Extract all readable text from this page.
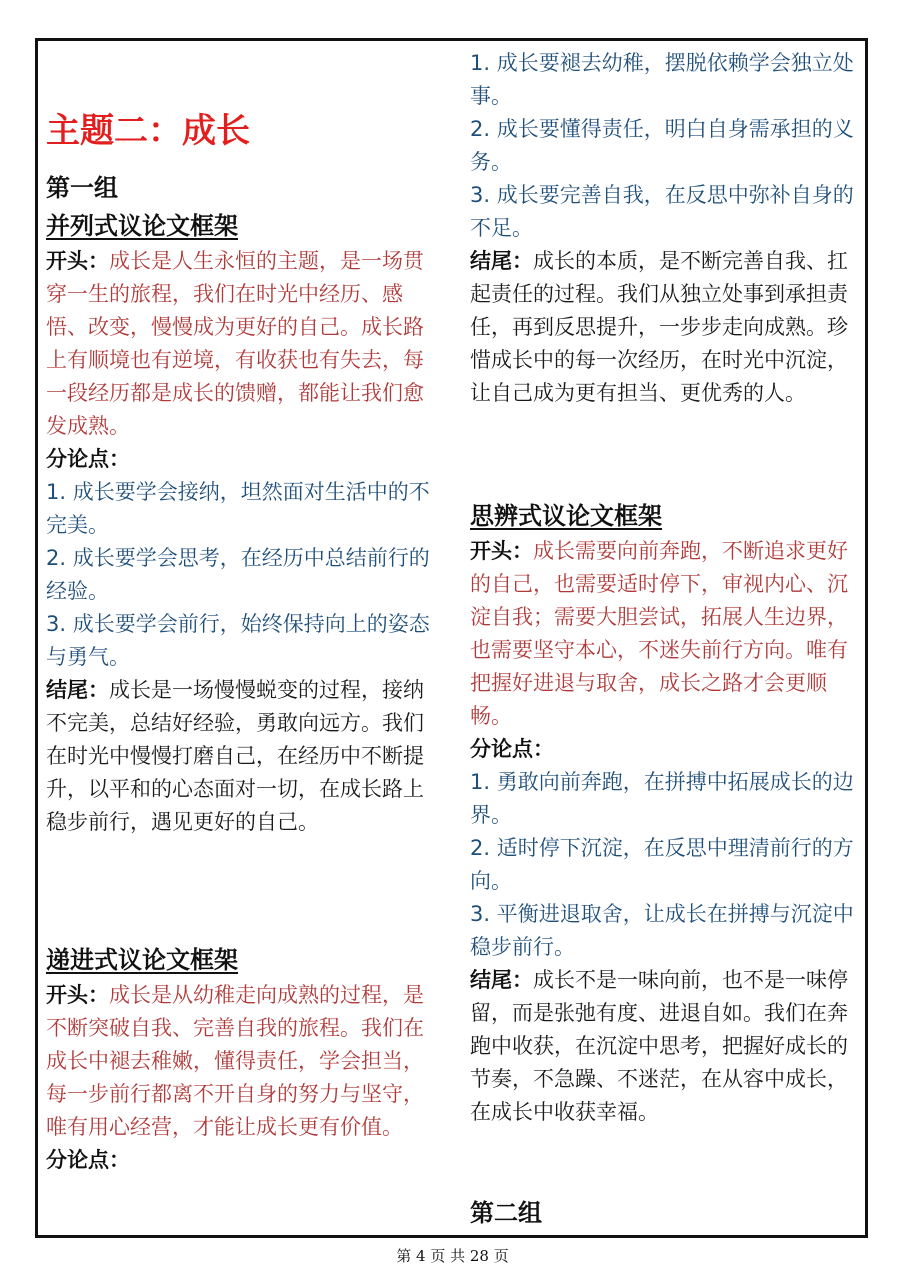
主题二：成长
第一组
并列式议论文框架

开头：成长是人生永恒的主题，是一场贯穿一生的旅程，我们在时光中经历、感悟、改变，慢慢成为更好的自己。成长路上有顺境也有逆境，有收获也有失去，每一段经历都是成长的馈赠，都能让我们愈发成熟。

分论点：

1. 成长要学会接纳，坦然面对生活中的不完美。
2. 成长要学会思考，在经历中总结前行的经验。
3. 成长要学会前行，始终保持向上的姿态与勇气。

结尾：成长是一场慢慢蜕变的过程，接纳不完美，总结好经验，勇敢向远方。我们在时光中慢慢打磨自己，在经历中不断提升，以平和的心态面对一切，在成长路上稳步前行，遇见更好的自己。

递进式议论文框架

开头：成长是从幼稚走向成熟的过程，是不断突破自我、完善自我的旅程。我们在成长中褪去稚嫩，懂得责任，学会担当，每一步前行都离不开自身的努力与坚守，唯有用心经营，才能让成长更有价值。

分论点：

1. 成长要褪去幼稚，摆脱依赖学会独立处事。
2. 成长要懂得责任，明白自身需承担的义务。
3. 成长要完善自我，在反思中弥补自身的不足。

结尾：成长的本质，是不断完善自我、扛起责任的过程。我们从独立处事到承担责任，再到反思提升，一步步走向成熟。珍惜成长中的每一次经历，在时光中沉淀，让自己成为更有担当、更优秀的人。

思辨式议论文框架

开头：成长需要向前奔跑，不断追求更好的自己，也需要适时停下，审视内心、沉淀自我；需要大胆尝试，拓展人生边界，也需要坚守本心，不迷失前行方向。唯有把握好进退与取舍，成长之路才会更顺畅。

分论点：

1. 勇敢向前奔跑，在拼搏中拓展成长的边界。
2. 适时停下沉淀，在反思中理清前行的方向。
3. 平衡进退取舍，让成长在拼搏与沉淀中稳步前行。

结尾：成长不是一味向前，也不是一味停留，而是张弛有度、进退自如。我们在奔跑中收获，在沉淀中思考，把握好成长的节奏，不急躁、不迷茫，在从容中成长，在成长中收获幸福。

第二组
第 4 页 共 28 页
